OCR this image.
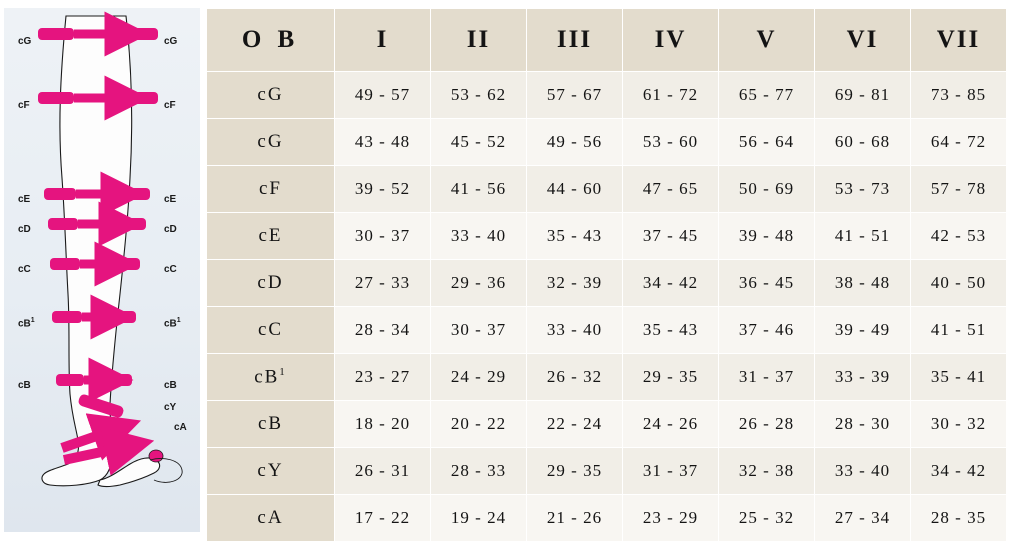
cG	cG
cF	cF
cE	cE
cD	cD
cC	cC
$cB^1$	$cB^1$
cB	cB
cY
cA
O B	I	II	III	IV	V	VI	VII
cG	49 - 57	53 - 62	57 - 67	61 - 72	65 - 77	69 - 81	73 - 85
cG	43 - 48	45 - 52	49 - 56	53 - 60	56 - 64	60 - 68	64 - 72
cF	39 - 52	41 - 56	44 - 60	47 - 65	50 - 69	53 - 73	57 - 78
cE	30 - 37	33 - 40	35 - 43	37 - 45	39 - 48	41 - 51	42 - 53
cD	27 - 33	29 - 36	32 - 39	34 - 42	36 - 45	38 - 48	40 - 50
cC	28 - 34	30 - 37	33 - 40	35 - 43	37 - 46	39 - 49	41 - 51
$cB^1$	23 - 27	24 - 29	26 - 32	29 - 35	31 - 37	33 - 39	35 - 41
cB	18 - 20	20 - 22	22 - 24	24 - 26	26 - 28	28 - 30	30 - 32
cY	26 - 31	28 - 33	29 - 35	31 - 37	32 - 38	33 - 40	34 - 42
cA	17 - 22	19 - 24	21 - 26	23 - 29	25 - 32	27 - 34	28 - 35
